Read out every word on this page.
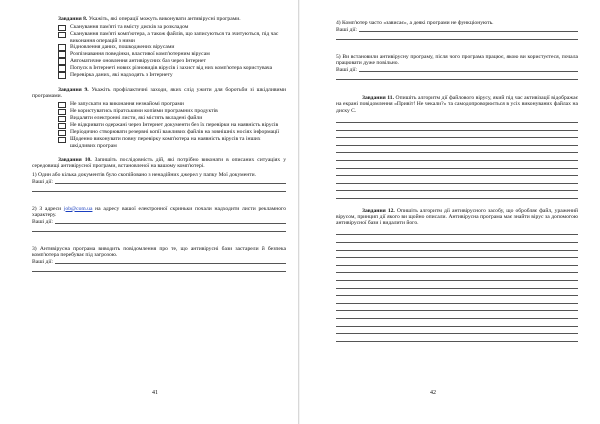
Завдання 8. Укажіть, які операції можуть виконувати антивірусні програми.

Сканування пам'яті та вмісту дисків за розкладом
Сканування пам'яті комп'ютера, а також файлів, що записуються та зчитуються, під час виконання операцій з ними
Відновлення даних, пошкоджених вірусами
Розпізнавання поведінки, властивої комп'ютерним вірусам
Автоматичне оновлення антивірусних баз через Інтернет
Попуск в Інтернеті нових різновидів вірусів і захист від них комп'ютера користувача
Перевірка даних, які надходять з Інтернету

Завдання 9. Укажіть профілактичні заходи, яких слід ужити для боротьби зі шкідливими програмами.

Не запускати на виконання незнайомі програми
Не користуватись піратськими копіями програмних продуктів
Видаляти електронні листи, які містять вкладені файли
Не відкривати одержані через Інтернет документи без їх перевірки на наявність вірусів
Періодично створювати резервні копії важливих файлів на зовнішніх носіях інформації
Щоденно виконувати повну перевірку комп'ютера на наявність вірусів та інших шкідливих програм

Завдання 10. Запишіть послідовність дій, які потрібно виконати в описаних ситуаціях у середовищі антивірусної програми, встановленої на вашому комп'ютері.

1) Один або кілька документів було скопійовано з ненадійних джерел у папку Мої документи.

Ваші дії:

2) З адреси job@com.ua на адресу вашої електронної скриньки почали надходити листи рекламного характеру.

Ваші дії:

3) Антивірусна програма виводить повідомлення про те, що антивірусні бази застарели й безпека комп'ютера перебуває під загрозою.

Ваші дії:
41

4) Комп'ютер часто «зависає», а деякі програми не функціонують.

Ваші дії:

5) Ви встановили антивірусну програму, після чого програма працює, якою ви користуєтеся, почала працювати дуже повільно.

Ваші дії:

Завдання 11. Опишіть алгоритм дії файлового вірусу, який під час активізації відображає на екрані повідомлення «Привіт! Не чекали?» та самодопроворюється в усіх виконуваних файлах на диску С.

Завдання 12. Опишіть алгоритм дії антивірусного засобу, що обробляє файл, уражений вірусом, принцип дії якого ви щойно описали. Антивірусна програма має знайти вірус за допомогою антивірусної бази і видалити його.

42
